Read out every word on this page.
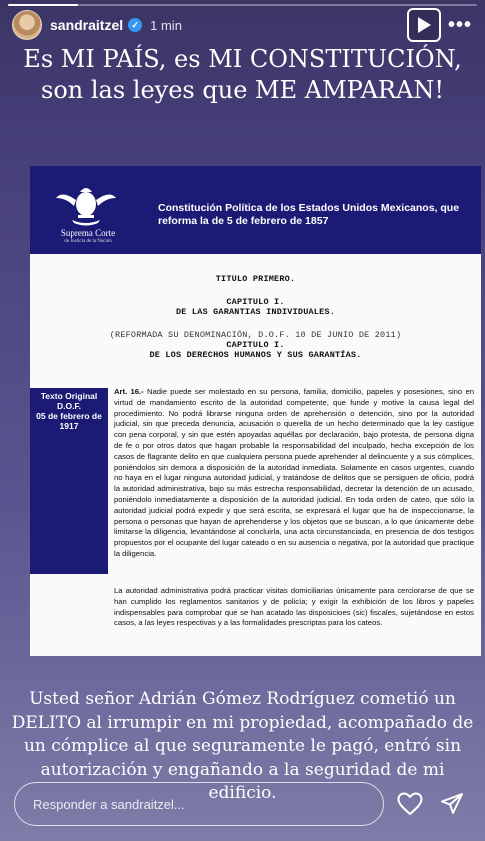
sandraitzel ✓ 1 min	•••
Es MI PAÍS, es MI CONSTITUCIÓN, son las leyes que ME AMPARAN!
Suprema Corte
de Justicia de la Nación
Constitución Política de los Estados Unidos Mexicanos, que reforma la de 5 de febrero de 1857
TITULO PRIMERO.
CAPITULO I.
DE LAS GARANTIAS INDIVIDUALES.
(REFORMADA SU DENOMINACIÓN, D.O.F. 10 DE JUNIO DE 2011)
CAPITULO I.
DE LOS DERECHOS HUMANOS Y SUS GARANTÍAS.
Texto Original
D.O.F.
05 de febrero de
1917
Art. 16.- Nadie puede ser molestado en su persona, familia, domicilio, papeles y posesiones, sino en virtud de mandamiento escrito de la autoridad competente, que funde y motive la causa legal del procedimiento. No podrá librarse ninguna orden de aprehensión o detención, sino por la autoridad judicial, sin que preceda denuncia, acusación o querella de un hecho determinado que la ley castigue con pena corporal, y sin que estén apoyadas aquéllas por declaración, bajo protesta, de persona digna de fe o por otros datos que hagan probable la responsabilidad del inculpado, hecha excepción de los casos de flagrante delito en que cualquiera persona puede aprehender al delincuente y a sus cómplices, poniéndolos sin demora a disposición de la autoridad inmediata. Solamente en casos urgentes, cuando no haya en el lugar ninguna autoridad judicial, y tratándose de delitos que se persiguen de oficio, podrá la autoridad administrativa, bajo su más estrecha responsabilidad, decretar la detención de un acusado, poniéndolo inmediatamente a disposición de la autoridad judicial. En toda orden de cateo, que sólo la autoridad judicial podrá expedir y que será escrita, se expresará el lugar que ha de inspeccionarse, la persona o personas que hayan de aprehenderse y los objetos que se buscan, a lo que únicamente debe limitarse la diligencia, levantándose al concluirla, una acta circunstanciada, en presencia de dos testigos propuestos por el ocupante del lugar cateado o en su ausencia o negativa, por la autoridad que practique la diligencia.
La autoridad administrativa podrá practicar visitas domiciliarias únicamente para cerciorarse de que se han cumplido los reglamentos sanitarios y de policía; y exigir la exhibición de los libros y papeles indispensables para comprobar que se han acatado las disposicioes (sic) fiscales, sujetándose en estos casos, a las leyes respectivas y a las formalidades prescriptas para los cateos.
Usted señor Adrián Gómez Rodríguez cometió un DELITO al irrumpir en mi propiedad, acompañado de un cómplice al que seguramente le pagó, entró sin autorización y engañando a la seguridad de mi edificio.
Responder a sandraitzel...
